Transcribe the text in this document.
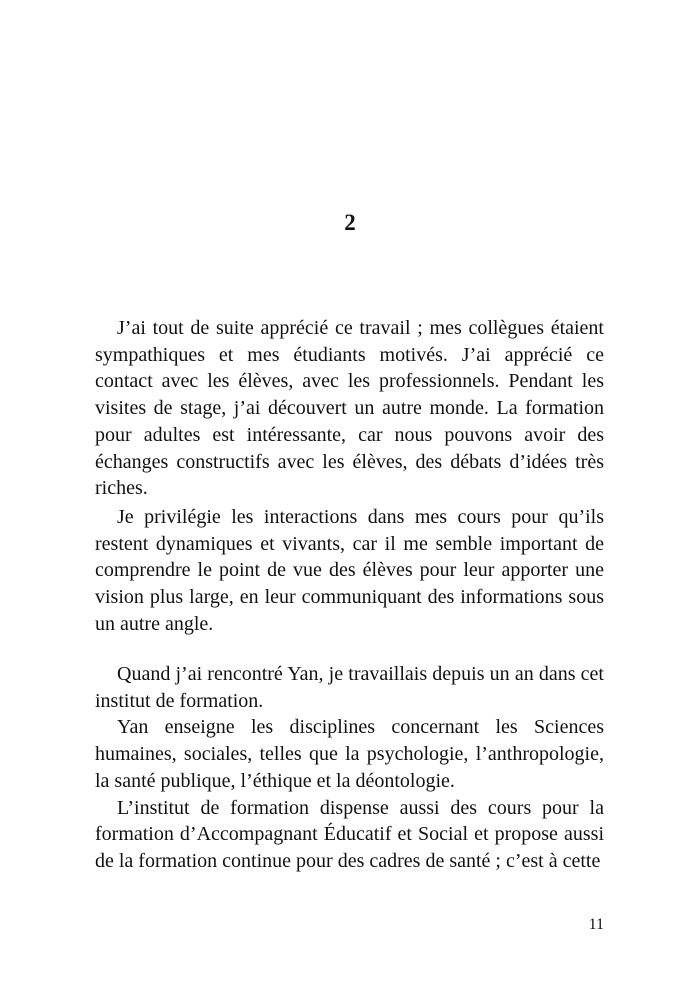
2

J’ai tout de suite apprécié ce travail ; mes collègues étaient sympathiques et mes étudiants motivés. J’ai apprécié ce contact avec les élèves, avec les professionnels. Pendant les visites de stage, j’ai découvert un autre monde. La formation pour adultes est intéressante, car nous pouvons avoir des échanges constructifs avec les élèves, des débats d’idées très riches.

Je privilégie les interactions dans mes cours pour qu’ils restent dynamiques et vivants, car il me semble important de comprendre le point de vue des élèves pour leur apporter une vision plus large, en leur communiquant des informations sous un autre angle.

Quand j’ai rencontré Yan, je travaillais depuis un an dans cet institut de formation.

Yan enseigne les disciplines concernant les Sciences humaines, sociales, telles que la psychologie, l’anthropologie, la santé publique, l’éthique et la déontologie.

L’institut de formation dispense aussi des cours pour la formation d’Accompagnant Éducatif et Social et propose aussi de la formation continue pour des cadres de santé ; c’est à cette

11
